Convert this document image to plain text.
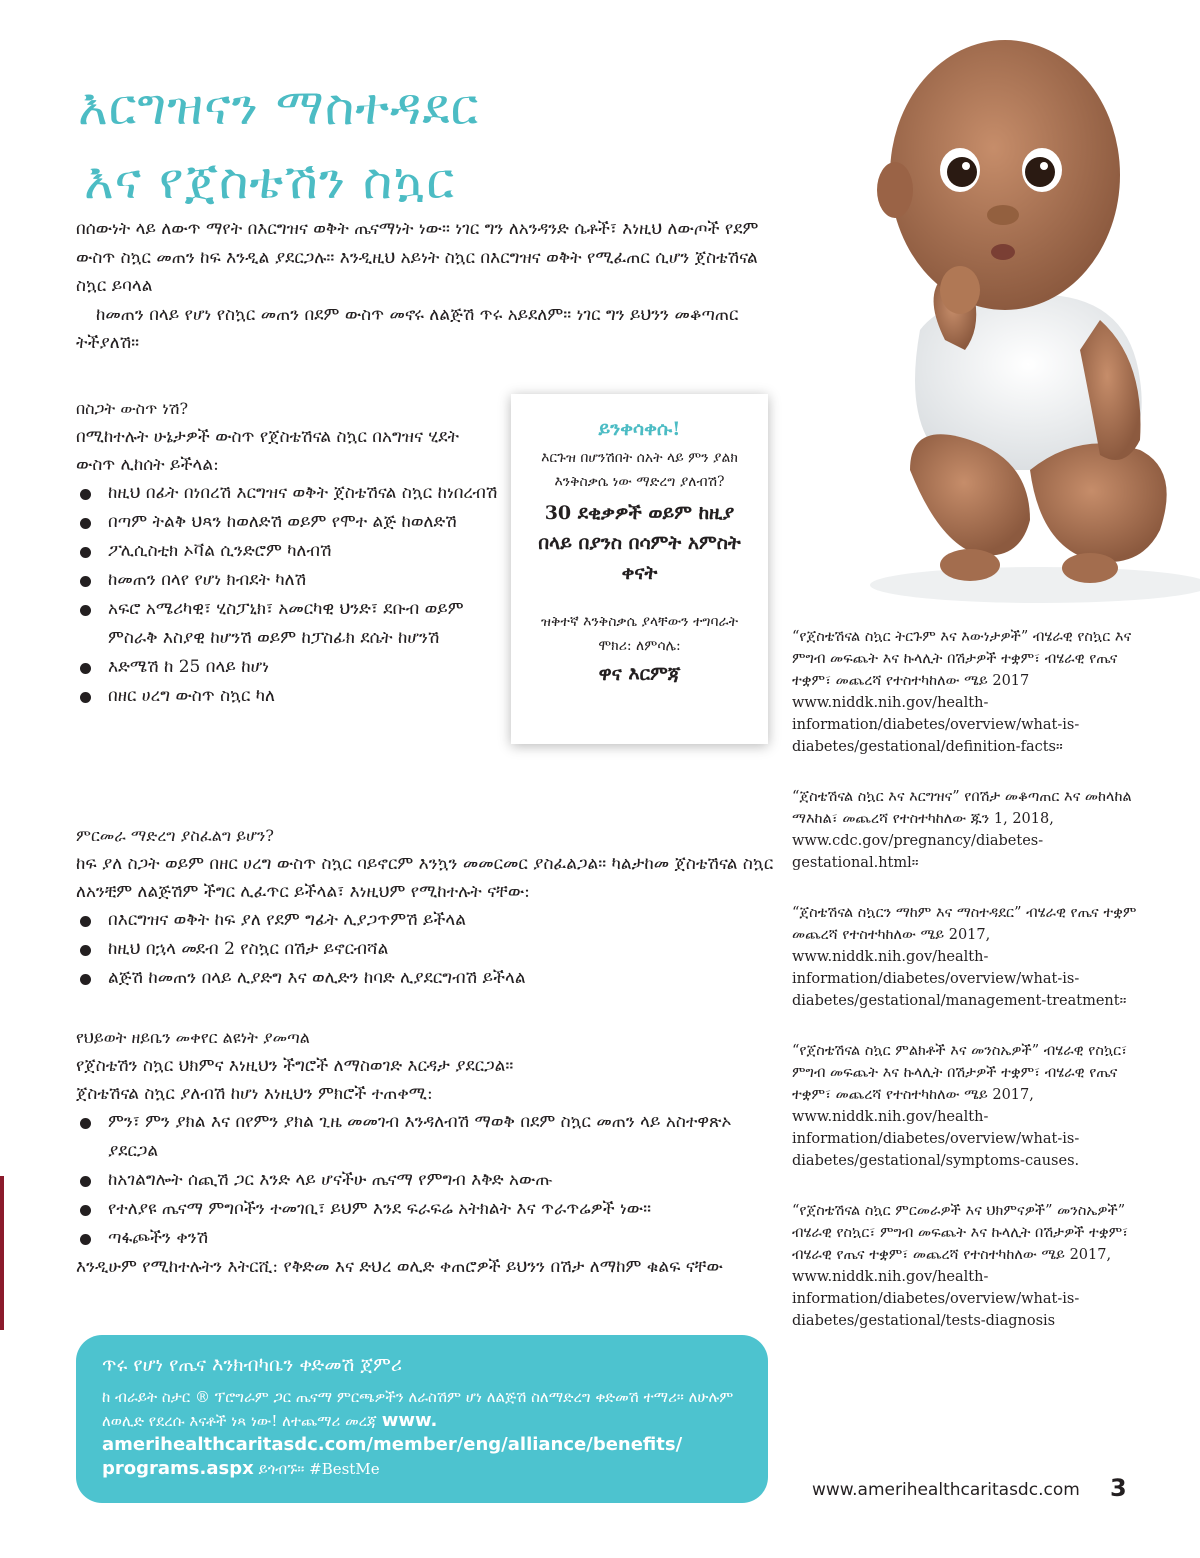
እርግዝናን ማስተዳደር
እና የጀስቴሽን ስኳር

በሰውነት ላይ ለውጥ ማየት በእርግዝና ወቅት ጤናማነት ነው። ነገር ግን ለአንዳንድ ሴቶች፣ እነዚህ ለውጦች የደም ውስጥ ስኳር መጠን ከፍ እንዲል ያደርጋሉ። እንዲዚህ አይነት ስኳር በእርግዝና ወቅት የሚፈጠር ሲሆን ጀስቴሽናል ስኳር ይባላል

ከመጠን በላይ የሆነ የስኳር መጠን በደም ውስጥ መኖሩ ለልጅሽ ጥሩ አይደለም። ነገር ግን ይህንን መቆጣጠር ትችያለሽ።

በስጋት ውስጥ ነሽ?

በሚከተሉት ሁኔታዎች ውስጥ የጀስቴሽናል ስኳር በአግዝና ሂደት ውስጥ ሊከሰት ይችላል:

ከዚህ በፊት በነበረሽ እርግዝና ወቅት ጀስቴሽናል ስኳር ከነበረብሽ
በጣም ትልቅ ህጻን ከወለድሽ ወይም የሞተ ልጅ ከወለድሽ
ፖሊሲስቲክ ኦቫል ሲንድሮም ካለብሽ
ከመጠን በላየ የሆነ ክብደት ካለሽ
አፍሮ አሜሪካዊ፣ ሂስፓኒክ፣ አመርካዊ ህንድ፣ ደቡብ ወይም ምስራቅ እስያዊ ከሆንሽ ወይም ከፓስፊክ ደሴት ከሆንሽ
እድሜሽ ከ 25 በላይ ከሆነ
በዘር ሀረግ ውስጥ ስኳር ካለ
ይንቀሳቀሱ!
እርጉዝ በሆንሽበት ሰአት ላይ ምን ያልክ እንቅስቃሴ ነው ማድረግ ያለብሽ?
30 ደቂቃዎች ወይም ከዚያ በላይ በያንስ በሳምት አምስት ቀናት
ዝቅተኛ እንቅስቃሴ ያላቸውን ተግባራት ሞክሪ: ለምሳሌ:
ዋና እርምጃ

ምርመራ ማድረግ ያስፈልግ ይሆን?

ከፍ ያለ ስጋት ወይም በዘር ሀረግ ውስጥ ስኳር ባይኖርም እንኳን መመርመር ያስፈልጋል። ካልታከመ ጀስቴሽናል ስኳር ለአንቺም ለልጅሽም ችግር ሊፈጥር ይችላል፣ እነዚህም የሚከተሉት ናቸው:

በእርግዝና ወቅት ከፍ ያለ የደም ግፊት ሊያጋጥምሽ ይችላል
ከዚህ በኋላ መደብ 2 የስኳር በሽታ ይኖርብሻል
ልጅሽ ከመጠን በላይ ሊያድግ እና ወሊድን ከባድ ሊያደርግብሽ ይችላል

የህይወት ዘይቤን መቀየር ልዩነት ያመጣል

የጀስቴሽን ስኳር ህክምና እነዚህን ችግሮች ለማስወገድ እርዳታ ያደርጋል።

ጀስቴሽናል ስኳር ያለብሽ ከሆነ እነዚህን ምክሮች ተጠቀሚ:

ምን፣ ምን ያክል እና በየምን ያክል ጊዜ መመገብ እንዳለብሽ ማወቅ በደም ስኳር መጠን ላይ አስተዋጽኦ ያደርጋል
ከአገልግሎት ሰጪሽ ጋር እንድ ላይ ሆናችሁ ጤናማ የምግብ እቅድ አውጡ
የተለያዩ ጤናማ ምግቦችን ተመገቢ፣ ይህም እንደ ፍራፍሬ አትክልት እና ጥራጥሬዎች ነው።
ጣፋጮችን ቀንሽ

እንዲሁም የሚከተሉትን እትርሺ: የቅድመ እና ድህረ ወሊድ ቀጠሮዎች ይህንን በሽታ ለማከም ቁልፍ ናቸው

“የጀስቴሽናል ስኳር ትርጉም እና እውነታዎች” ብሄራዊ የስኳር እና ምግብ መፍጨት እና ኩላሊት በሽታዎች ተቋም፣ ብሄራዊ የጤና ተቋም፣ መጨረሻ የተስተካከለው ሜይ 2017 www.niddk.nih.gov/health-information/diabetes/overview/what-is-diabetes/gestational/definition-facts።

“ጀስቴሽናል ስኳር እና እርግዝና” የበሽታ መቆጣጠር እና መከላከል ማእከል፣ መጨረሻ የተስተካከለው ጁን 1, 2018, www.cdc.gov/pregnancy/diabetes-gestational.html።

“ጀስቴሽናል ስኳርን ማከም እና ማስተዳደር” ብሄራዊ የጤና ተቋም መጨረሻ የተስተካከለው ሜይ 2017, www.niddk.nih.gov/health-information/diabetes/overview/what-is-diabetes/gestational/management-treatment።

“የጀስቴሽናል ስኳር ምልክቶች እና መንስኤዎች” ብሄራዊ የስኳር፣ ምግብ መፍጨት እና ኩላሊት በሽታዎች ተቋም፣ ብሄራዊ የጤና ተቋም፣ መጨረሻ የተስተካከለው ሜይ 2017, www.niddk.nih.gov/health-information/diabetes/overview/what-is-diabetes/gestational/symptoms-causes.

“የጀስቴሽናል ስኳር ምርመራዎች እና ህክምናዎች” መንስኤዎች” ብሄራዊ የስኳር፣ ምግብ መፍጨት እና ኩላሊት በሽታዎች ተቋም፣ ብሄራዊ የጤና ተቋም፣ መጨረሻ የተስተካከለው ሜይ 2017, www.niddk.nih.gov/health-information/diabetes/overview/what-is-diabetes/gestational/tests-diagnosis

ጥሩ የሆነ የጤና እንክብካቤን ቀድመሽ ጀምሪ
ከ ብራይት ስታር ® ፕሮግራም ጋር ጤናማ ምርጫዎችን ለራስሽም ሆነ ለልጅሽ ስለማድረግ ቀድመሽ ተማሪ። ለሁሉም ለወሊድ የደረሱ እናቶች ነጻ ነው! ለተጨማሪ መረጃ www. amerihealthcaritasdc.com/member/eng/alliance/benefits/ programs.aspx ይጎብኙ። #BestMe
www.amerihealthcaritasdc.com 3
